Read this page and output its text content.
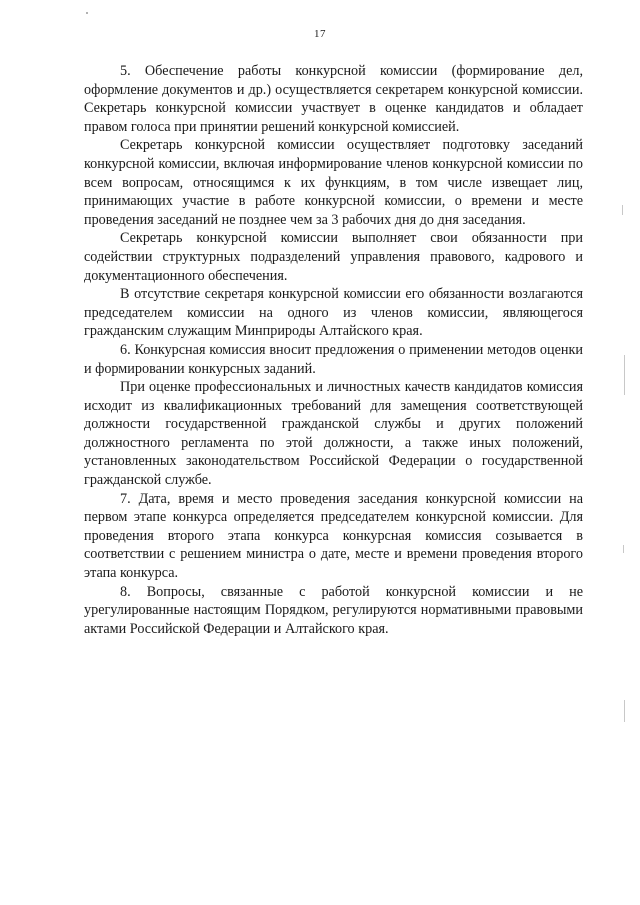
17

5. Обеспечение работы конкурсной комиссии (формирование дел, оформление документов и др.) осуществляется секретарем конкурсной комиссии. Секретарь конкурсной комиссии участвует в оценке кандидатов и обладает правом голоса при принятии решений конкурсной комиссией.

Секретарь конкурсной комиссии осуществляет подготовку заседаний конкурсной комиссии, включая информирование членов конкурсной комиссии по всем вопросам, относящимся к их функциям, в том числе извещает лиц, принимающих участие в работе конкурсной комиссии, о времени и месте проведения заседаний не позднее чем за 3 рабочих дня до дня заседания.

Секретарь конкурсной комиссии выполняет свои обязанности при содействии структурных подразделений управления правового, кадрового и документационного обеспечения.

В отсутствие секретаря конкурсной комиссии его обязанности возлагаются председателем комиссии на одного из членов комиссии, являющегося гражданским служащим Минприроды Алтайского края.

6. Конкурсная комиссия вносит предложения о применении методов оценки и формировании конкурсных заданий.

При оценке профессиональных и личностных качеств кандидатов комиссия исходит из квалификационных требований для замещения соответствующей должности государственной гражданской службы и других положений должностного регламента по этой должности, а также иных положений, установленных законодательством Российской Федерации о государственной гражданской службе.

7. Дата, время и место проведения заседания конкурсной комиссии на первом этапе конкурса определяется председателем конкурсной комиссии. Для проведения второго этапа конкурса конкурсная комиссия созывается в соответствии с решением министра о дате, месте и времени проведения второго этапа конкурса.

8. Вопросы, связанные с работой конкурсной комиссии и не урегулированные настоящим Порядком, регулируются нормативными правовыми актами Российской Федерации и Алтайского края.
